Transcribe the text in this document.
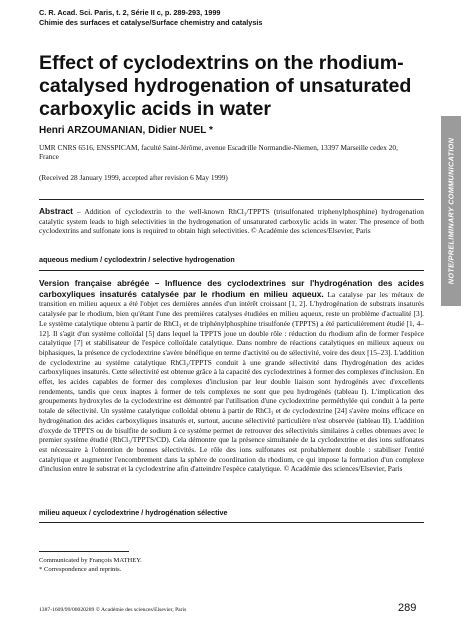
C. R. Acad. Sci. Paris, t. 2, Série II c, p. 289-293, 1999
Chimie des surfaces et catalyse/Surface chemistry and catalysis
Effect of cyclodextrins on the rhodium-
catalysed hydrogenation of unsaturated
carboxylic acids in water
NOTE/PRELIMINARY COMMUNICATION
Henri ARZOUMANIAN, Didier NUEL *
UMR CNRS 6516, ENSSPICAM, faculté Saint-Jérôme, avenue Escadrille Normandie-Niemen, 13397 Marseille cedex 20, France
(Received 28 January 1999, accepted after revision 6 May 1999)
Abstract – Addition of cyclodextrin to the well-known RhCl₃/TPPTS (trisulfonated triphenylphosphine) hydrogenation catalytic system leads to high selectivities in the hydrogenation of unsaturated carboxylic acids in water. The presence of both cyclodextrins and sulfonate ions is required to obtain high selectivities. © Académie des sciences/Elsevier, Paris
aqueous medium / cyclodextrin / selective hydrogenation
Version française abrégée – Influence des cyclodextrines sur l'hydrogénation des acides carboxyliques insaturés catalysée par le rhodium en milieu aqueux. La catalyse par les métaux de transition en milieu aqueux a été l'objet ces dernières années d'un intérêt croissant [1, 2]. L'hydrogénation de substrats insaturés catalysée par le rhodium, bien qu'étant l'une des premières catalyses étudiées en milieu aqueux, reste un problème d'actualité [3]. Le système catalytique obtenu à partir de RhCl₃ et de triphénylphosphine trisulfonée (TPPTS) a été particulièrement étudié [1, 4–12]. Il s'agit d'un système colloïdal [5] dans lequel la TPPTS joue un double rôle : réduction du rhodium afin de former l'espèce catalytique [7] et stabilisateur de l'espèce colloïdale catalytique. Dans nombre de réactions catalytiques en milieux aqueux ou biphasiques, la présence de cyclodextrine s'avère bénéfique en terme d'activité ou de sélectivité, voire des deux [15–23]. L'addition de cyclodextrine au système catalytique RhCl₃/TPPTS conduit à une grande sélectivité dans l'hydrogénation des acides carboxyliques insaturés. Cette sélectivité est obtenue grâce à la capacité des cyclodextrines à former des complexes d'inclusion. En effet, les acides capables de former des complexes d'inclusion par leur double liaison sont hydrogénés avec d'excellents rendements, tandis que ceux inaptes à former de tels complexes ne sont que peu hydrogénés (tableau I). L'implication des groupements hydroxyles de la cyclodextrine est démontré par l'utilisation d'une cyclodextrine perméthylée qui conduit à la perte totale de sélectivité. Un système catalytique colloïdal obtenu à partir de RhCl₃ et de cyclodextrine [24] s'avère moins efficace en hydrogénation des acides carboxyliques insaturés et, surtout, aucune sélectivité particulière n'est observée (tableau II). L'addition d'oxyde de TPPTS ou de bisulfite de sodium à ce système permet de retrouver des sélectivités similaires à celles obtenues avec le premier système étudié (RhCl₃/TPPTS/CD). Cela démontre que la présence simultanée de la cyclodextrine et des ions sulfonates est nécessaire à l'obtention de bonnes sélectivités. Le rôle des ions sulfonates est probablement double : stabiliser l'entité catalytique et augmenter l'encombrement dans la sphère de coordination du rhodium, ce qui impose la formation d'un complexe d'inclusion entre le substrat et la cyclodextrine afin d'atteindre l'espèce catalytique. © Académie des sciences/Elsevier, Paris
milieu aqueux / cyclodextrine / hydrogénation sélective
Communicated by François MATHEY.
* Correspondence and reprints.
1387-1609/99/00020289 © Académie des sciences/Elsevier, Paris	289
